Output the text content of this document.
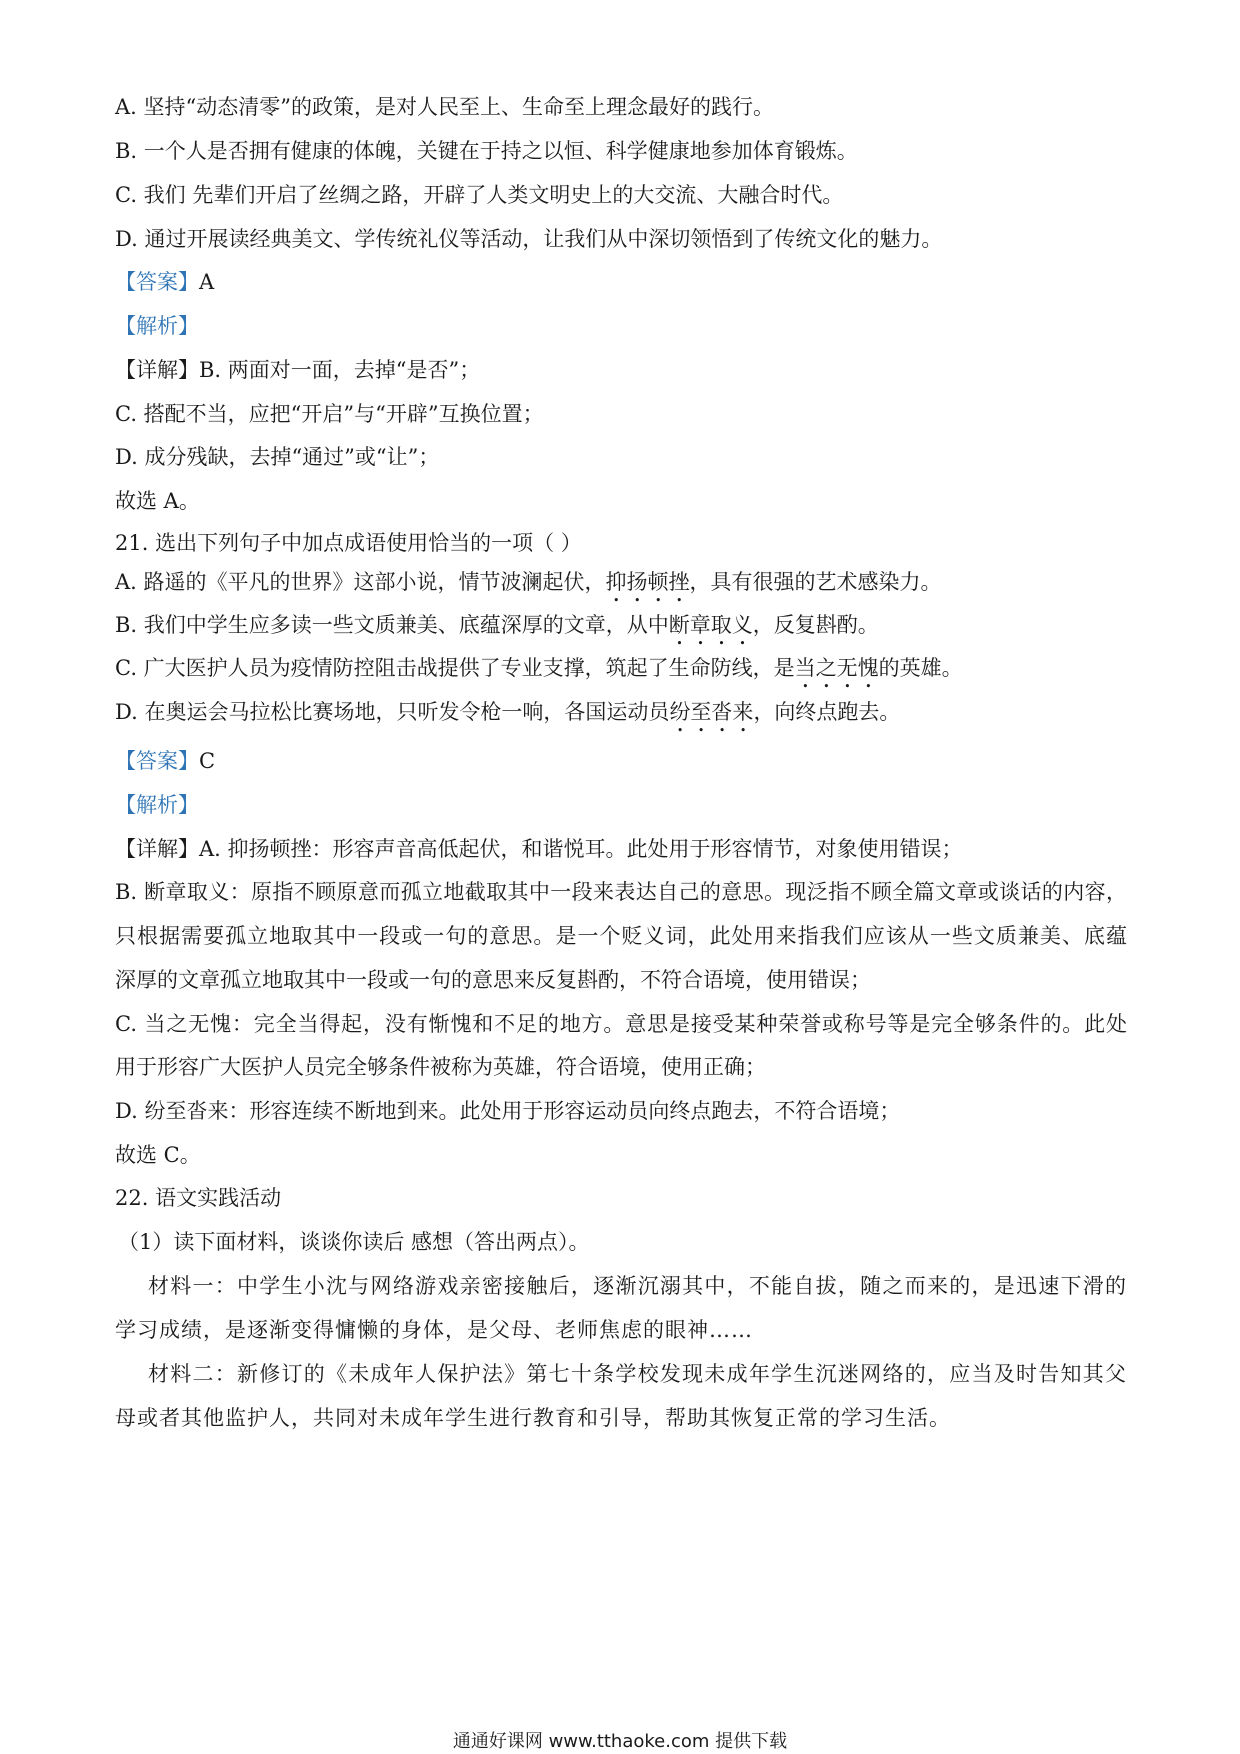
A. 坚持“动态清零”的政策，是对人民至上、生命至上理念最好的践行。

B. 一个人是否拥有健康的体魄，关键在于持之以恒、科学健康地参加体育锻炼。

C. 我们 先辈们开启了丝绸之路，开辟了人类文明史上的大交流、大融合时代。

D. 通过开展读经典美文、学传统礼仪等活动，让我们从中深切领悟到了传统文化的魅力。

【答案】A

【解析】

【详解】B. 两面对一面，去掉“是否”；

C. 搭配不当，应把“开启”与“开辟”互换位置；

D. 成分残缺，去掉“通过”或“让”；

故选 A。

21. 选出下列句子中加点成语使用恰当的一项（ ）

A. 路遥的《平凡的世界》这部小说，情节波澜起伏，抑扬顿挫，具有很强的艺术感染力。

B. 我们中学生应多读一些文质兼美、底蕴深厚的文章，从中断章取义，反复斟酌。

C. 广大医护人员为疫情防控阻击战提供了专业支撑，筑起了生命防线，是当之无愧的英雄。

D. 在奥运会马拉松比赛场地，只听发令枪一响，各国运动员纷至沓来，向终点跑去。

【答案】C

【解析】

【详解】A. 抑扬顿挫：形容声音高低起伏，和谐悦耳。此处用于形容情节，对象使用错误；

B. 断章取义：原指不顾原意而孤立地截取其中一段来表达自己的意思。现泛指不顾全篇文章或谈话的内容，

只根据需要孤立地取其中一段或一句的意思。是一个贬义词，此处用来指我们应该从一些文质兼美、底蕴

深厚的文章孤立地取其中一段或一句的意思来反复斟酌，不符合语境，使用错误；

C. 当之无愧：完全当得起，没有惭愧和不足的地方。意思是接受某种荣誉或称号等是完全够条件的。此处

用于形容广大医护人员完全够条件被称为英雄，符合语境，使用正确；

D. 纷至沓来：形容连续不断地到来。此处用于形容运动员向终点跑去，不符合语境；

故选 C。

22. 语文实践活动

（1）读下面材料，谈谈你读后 感想（答出两点）。

材料一：中学生小沈与网络游戏亲密接触后，逐渐沉溺其中，不能自拔，随之而来的，是迅速下滑的

学习成绩，是逐渐变得慵懒的身体，是父母、老师焦虑的眼神……

材料二：新修订的《未成年人保护法》第七十条学校发现未成年学生沉迷网络的，应当及时告知其父

母或者其他监护人，共同对未成年学生进行教育和引导，帮助其恢复正常的学习生活。

通通好课网 www.tthaoke.com 提供下载
